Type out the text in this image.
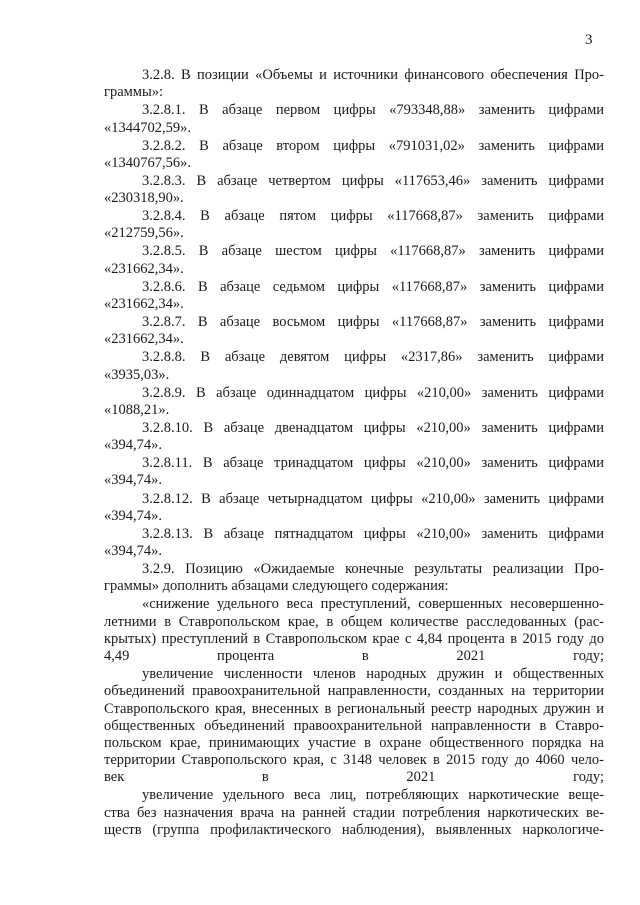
3
3.2.8. В позиции «Объемы и источники финансового обеспечения Про-
граммы»:
3.2.8.1. В абзаце первом цифры «793348,88» заменить цифрами
«1344702,59».
3.2.8.2. В абзаце втором цифры «791031,02» заменить цифрами
«1340767,56».
3.2.8.3. В абзаце четвертом цифры «117653,46» заменить цифрами
«230318,90».
3.2.8.4. В абзаце пятом цифры «117668,87» заменить цифрами
«212759,56».
3.2.8.5. В абзаце шестом цифры «117668,87» заменить цифрами
«231662,34».
3.2.8.6. В абзаце седьмом цифры «117668,87» заменить цифрами
«231662,34».
3.2.8.7. В абзаце восьмом цифры «117668,87» заменить цифрами
«231662,34».
3.2.8.8. В абзаце девятом цифры «2317,86» заменить цифрами
«3935,03».
3.2.8.9. В абзаце одиннадцатом цифры «210,00» заменить цифрами
«1088,21».
3.2.8.10. В абзаце двенадцатом цифры «210,00» заменить цифрами
«394,74».
3.2.8.11. В абзаце тринадцатом цифры «210,00» заменить цифрами
«394,74».
3.2.8.12. В абзаце четырнадцатом цифры «210,00» заменить цифрами
«394,74».
3.2.8.13. В абзаце пятнадцатом цифры «210,00» заменить цифрами
«394,74».
3.2.9. Позицию «Ожидаемые конечные результаты реализации Про-
граммы» дополнить абзацами следующего содержания:
«снижение удельного веса преступлений, совершенных несовершенно-
летними в Ставропольском крае, в общем количестве расследованных (рас-
крытых) преступлений в Ставропольском крае с 4,84 процента в 2015 году до
4,49 процента в 2021 году;
увеличение численности членов народных дружин и общественных
объединений правоохранительной направленности, созданных на территории
Ставропольского края, внесенных в региональный реестр народных дружин и
общественных объединений правоохранительной направленности в Ставро-
польском крае, принимающих участие в охране общественного порядка на
территории Ставропольского края, с 3148 человек в 2015 году до 4060 чело-
век в 2021 году;
увеличение удельного веса лиц, потребляющих наркотические веще-
ства без назначения врача на ранней стадии потребления наркотических ве-
ществ (группа профилактического наблюдения), выявленных наркологиче-
